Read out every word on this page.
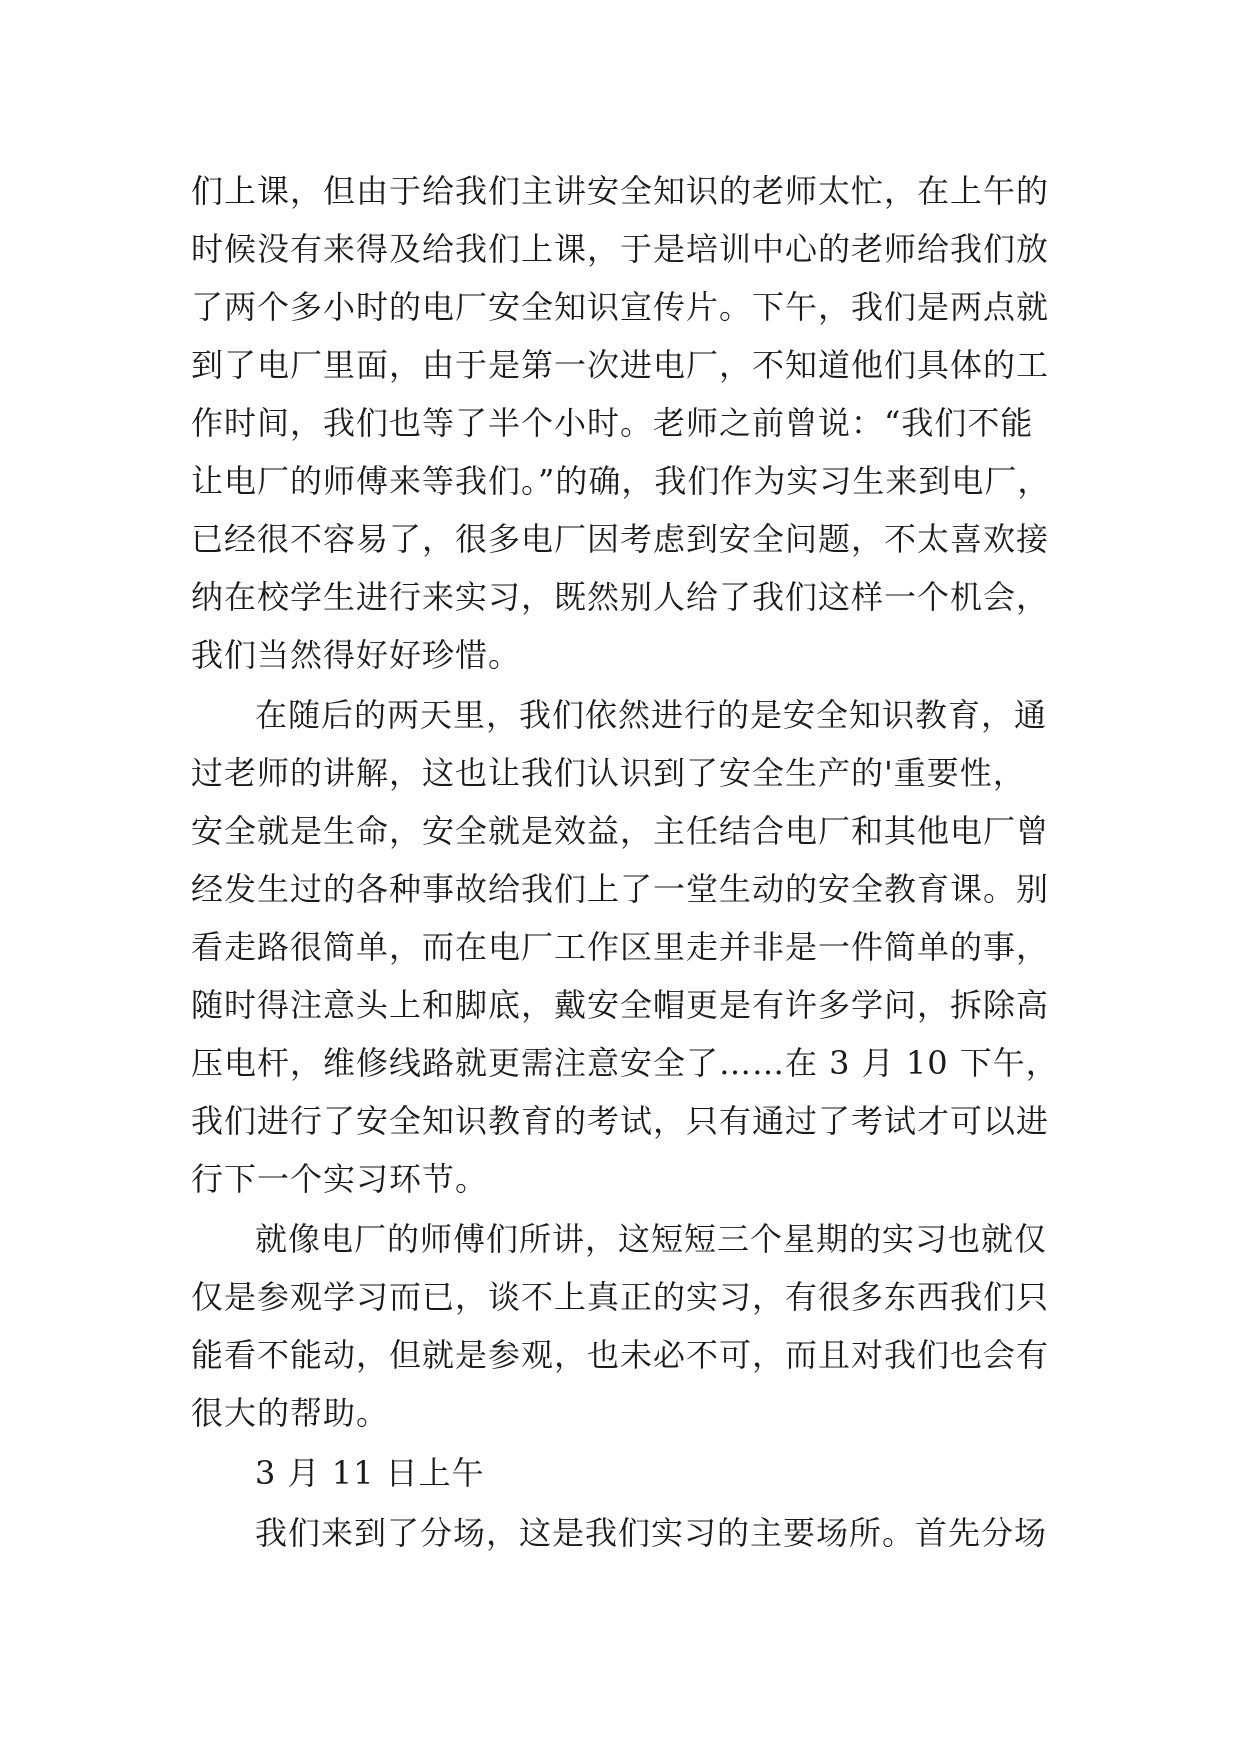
们上课，但由于给我们主讲安全知识的老师太忙，在上午的
时候没有来得及给我们上课，于是培训中心的老师给我们放
了两个多小时的电厂安全知识宣传片。下午，我们是两点就
到了电厂里面，由于是第一次进电厂，不知道他们具体的工
作时间，我们也等了半个小时。老师之前曾说：“我们不能
让电厂的师傅来等我们。”的确，我们作为实习生来到电厂，
已经很不容易了，很多电厂因考虑到安全问题，不太喜欢接
纳在校学生进行来实习，既然别人给了我们这样一个机会，
我们当然得好好珍惜。
在随后的两天里，我们依然进行的是安全知识教育，通
过老师的讲解，这也让我们认识到了安全生产的'重要性，
安全就是生命，安全就是效益，主任结合电厂和其他电厂曾
经发生过的各种事故给我们上了一堂生动的安全教育课。别
看走路很简单，而在电厂工作区里走并非是一件简单的事，
随时得注意头上和脚底，戴安全帽更是有许多学问，拆除高
压电杆，维修线路就更需注意安全了……在 3 月 10 下午，
我们进行了安全知识教育的考试，只有通过了考试才可以进
行下一个实习环节。
就像电厂的师傅们所讲，这短短三个星期的实习也就仅
仅是参观学习而已，谈不上真正的实习，有很多东西我们只
能看不能动，但就是参观，也未必不可，而且对我们也会有
很大的帮助。
3 月 11 日上午
我们来到了分场，这是我们实习的主要场所。首先分场
